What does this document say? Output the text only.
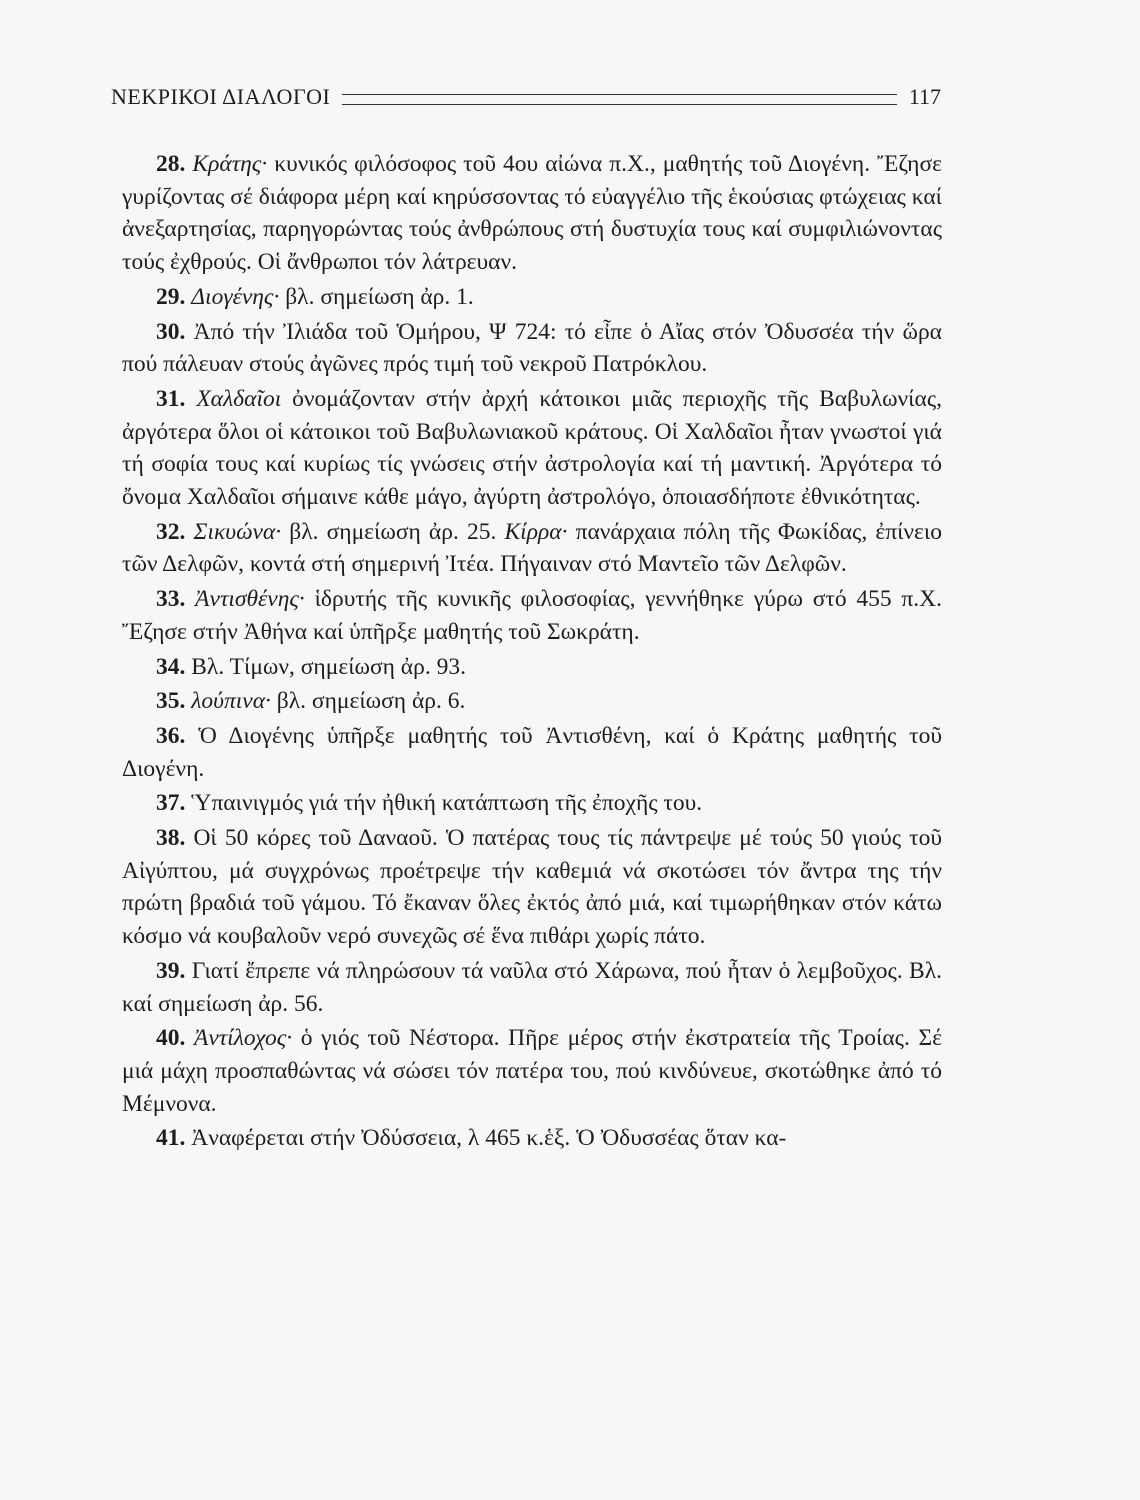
ΝΕΚΡΙΚΟΙ ΔΙΑΛΟΓΟΙ	117

28. Κράτης· κυνικός φιλόσοφος τοῦ 4ου αἰώνα π.Χ., μαθητής τοῦ Διογένη. Ἔζησε γυρίζοντας σέ διάφορα μέρη καί κηρύσσοντας τό εὐαγγέλιο τῆς ἑκούσιας φτώχειας καί ἀνεξαρτησίας, παρηγορώντας τούς ἀνθρώπους στή δυστυχία τους καί συμφιλιώνοντας τούς ἐχθρούς. Οἱ ἄνθρωποι τόν λάτρευαν.

29. Διογένης· βλ. σημείωση ἀρ. 1.

30. Ἀπό τήν Ἰλιάδα τοῦ Ὁμήρου, Ψ 724: τό εἶπε ὁ Αἴας στόν Ὀδυσσέα τήν ὥρα πού πάλευαν στούς ἀγῶνες πρός τιμή τοῦ νεκροῦ Πατρόκλου.

31. Χαλδαῖοι ὀνομάζονταν στήν ἀρχή κάτοικοι μιᾶς περιοχῆς τῆς Βαβυλωνίας, ἀργότερα ὅλοι οἱ κάτοικοι τοῦ Βαβυλωνιακοῦ κράτους. Οἱ Χαλδαῖοι ἦταν γνωστοί γιά τή σοφία τους καί κυρίως τίς γνώσεις στήν ἀστρολογία καί τή μαντική. Ἀργότερα τό ὄνομα Χαλδαῖοι σήμαινε κάθε μάγο, ἀγύρτη ἀστρολόγο, ὁποιασδήποτε ἐθνικότητας.

32. Σικυώνα· βλ. σημείωση ἀρ. 25. Κίρρα· πανάρχαια πόλη τῆς Φωκίδας, ἐπίνειο τῶν Δελφῶν, κοντά στή σημερινή Ἰτέα. Πήγαιναν στό Μαντεῖο τῶν Δελφῶν.

33. Ἀντισθένης· ἱδρυτής τῆς κυνικῆς φιλοσοφίας, γεννήθηκε γύρω στό 455 π.Χ. Ἔζησε στήν Ἀθήνα καί ὑπῆρξε μαθητής τοῦ Σωκράτη.

34. Βλ. Τίμων, σημείωση ἀρ. 93.

35. λούπινα· βλ. σημείωση ἀρ. 6.

36. Ὁ Διογένης ὑπῆρξε μαθητής τοῦ Ἀντισθένη, καί ὁ Κράτης μαθητής τοῦ Διογένη.

37. Ὑπαινιγμός γιά τήν ἠθική κατάπτωση τῆς ἐποχῆς του.

38. Οἱ 50 κόρες τοῦ Δαναοῦ. Ὁ πατέρας τους τίς πάντρεψε μέ τούς 50 γιούς τοῦ Αἰγύπτου, μά συγχρόνως προέτρεψε τήν καθεμιά νά σκοτώσει τόν ἄντρα της τήν πρώτη βραδιά τοῦ γάμου. Τό ἔκαναν ὅλες ἐκτός ἀπό μιά, καί τιμωρήθηκαν στόν κάτω κόσμο νά κουβαλοῦν νερό συνεχῶς σέ ἕνα πιθάρι χωρίς πάτο.

39. Γιατί ἔπρεπε νά πληρώσουν τά ναῦλα στό Χάρωνα, πού ἦταν ὁ λεμβοῦχος. Βλ. καί σημείωση ἀρ. 56.

40. Ἀντίλοχος· ὁ γιός τοῦ Νέστορα. Πῆρε μέρος στήν ἐκστρατεία τῆς Τροίας. Σέ μιά μάχη προσπαθώντας νά σώσει τόν πατέρα του, πού κινδύνευε, σκοτώθηκε ἀπό τό Μέμνονα.

41. Ἀναφέρεται στήν Ὀδύσσεια, λ 465 κ.ἑξ. Ὁ Ὀδυσσέας ὅταν κα-
